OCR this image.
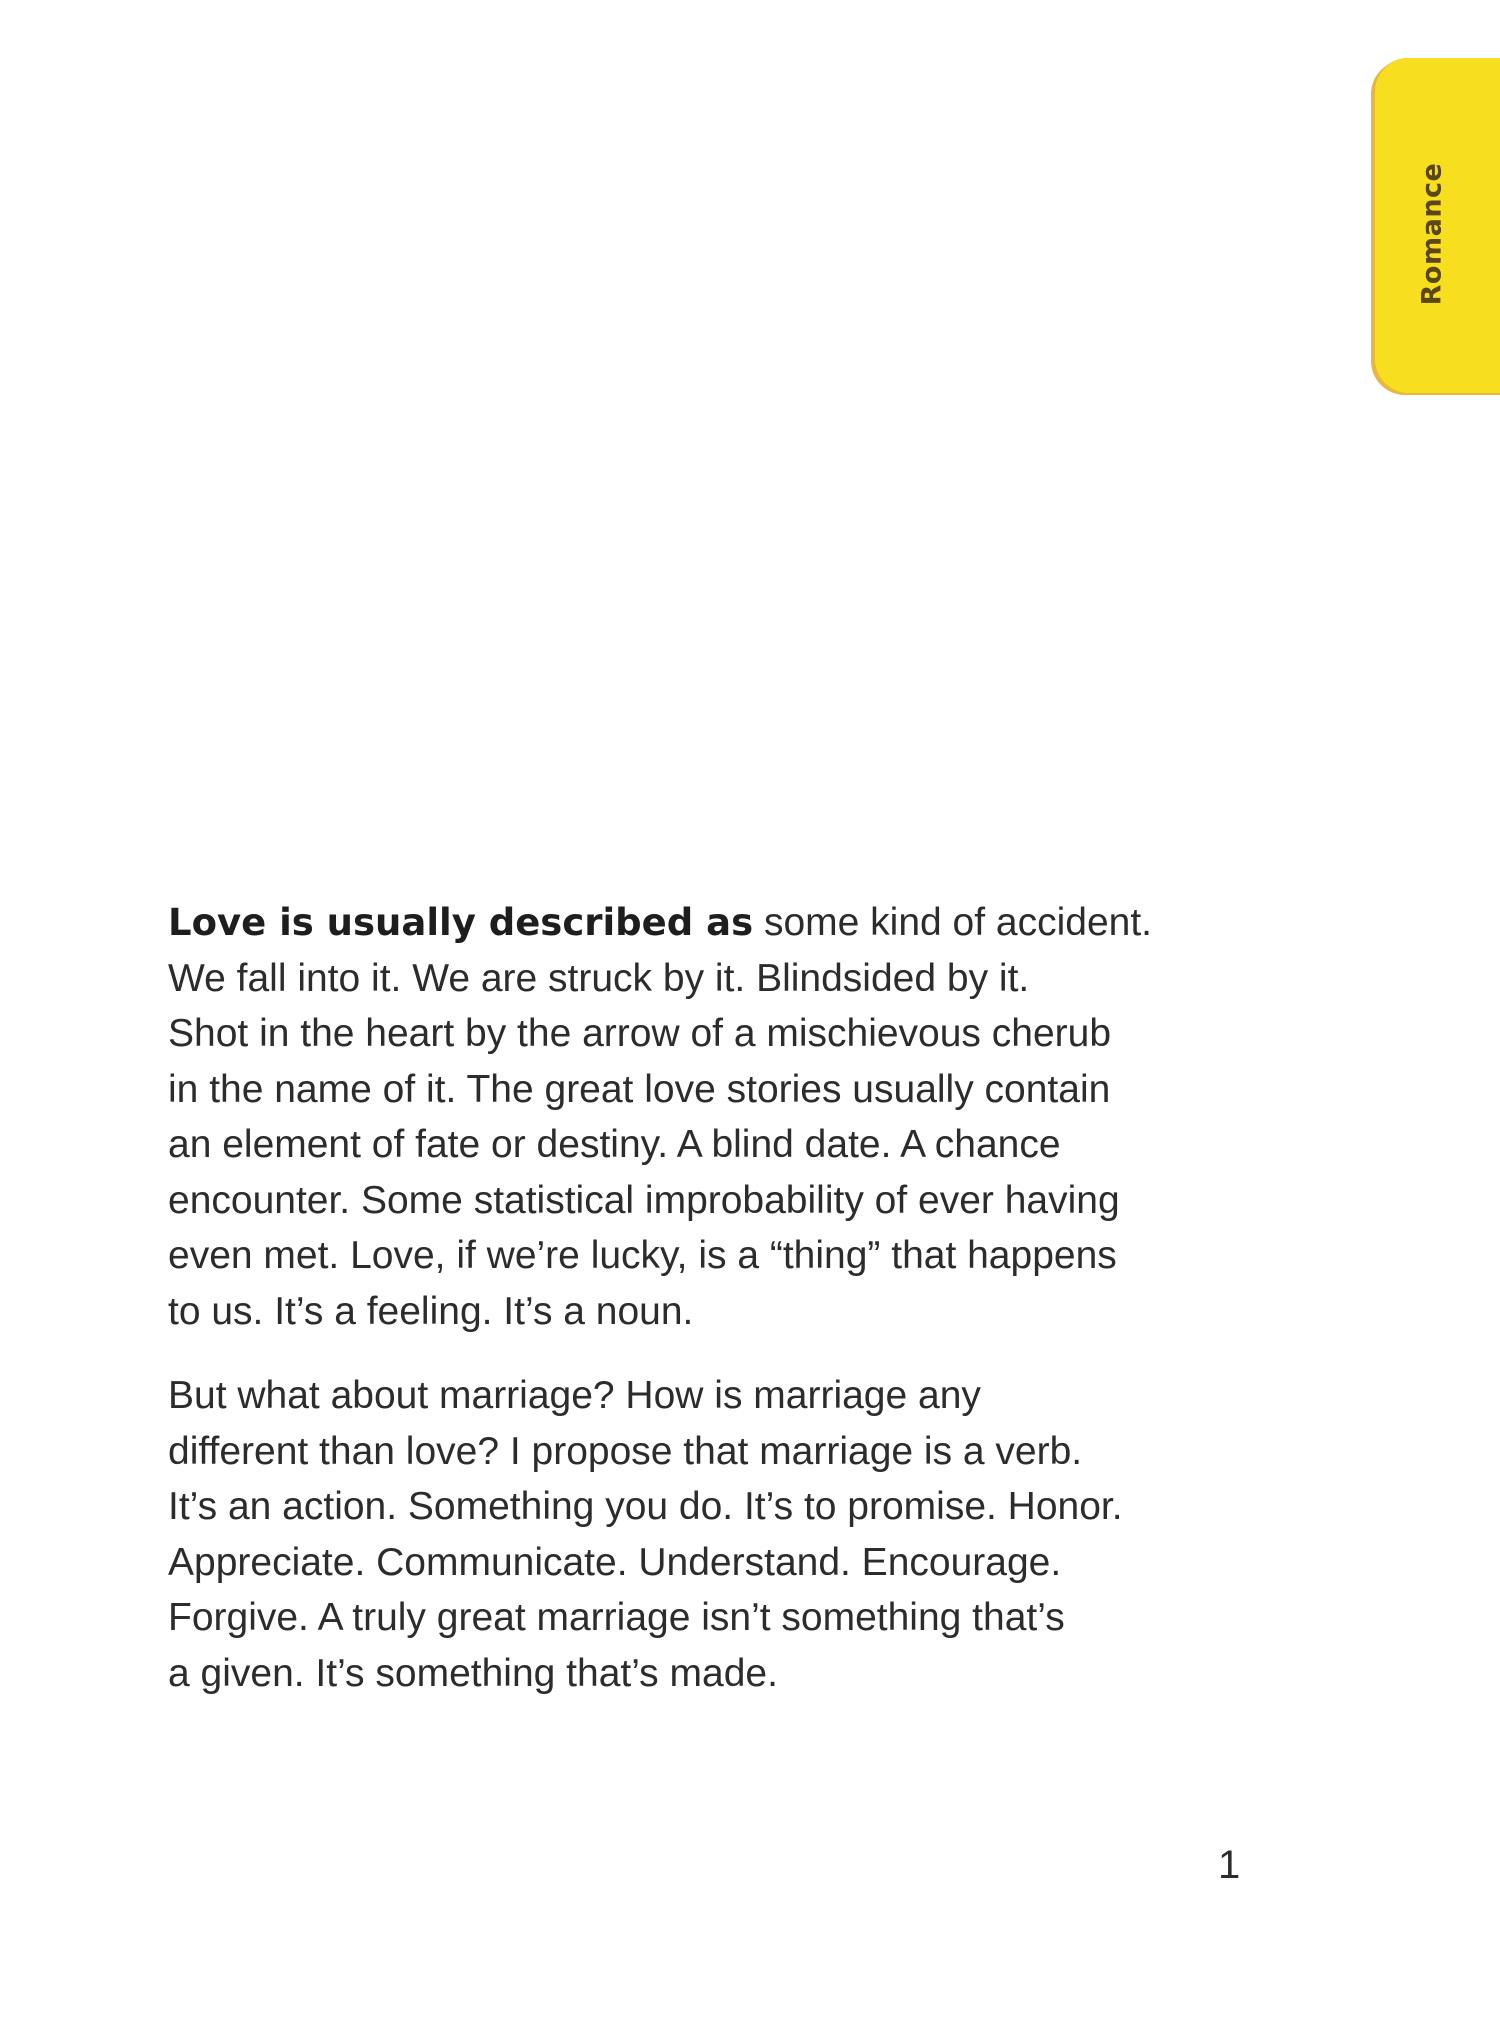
Romance

Love is usually described as some kind of accident.
We fall into it. We are struck by it. Blindsided by it.
Shot in the heart by the arrow of a mischievous cherub
in the name of it. The great love stories usually contain
an element of fate or destiny. A blind date. A chance
encounter. Some statistical improbability of ever having
even met. Love, if we’re lucky, is a “thing” that happens
to us. It’s a feeling. It’s a noun.

But what about marriage? How is marriage any
different than love? I propose that marriage is a verb.
It’s an action. Something you do. It’s to promise. Honor.
Appreciate. Communicate. Understand. Encourage.
Forgive. A truly great marriage isn’t something that’s
a given. It’s something that’s made.

1
